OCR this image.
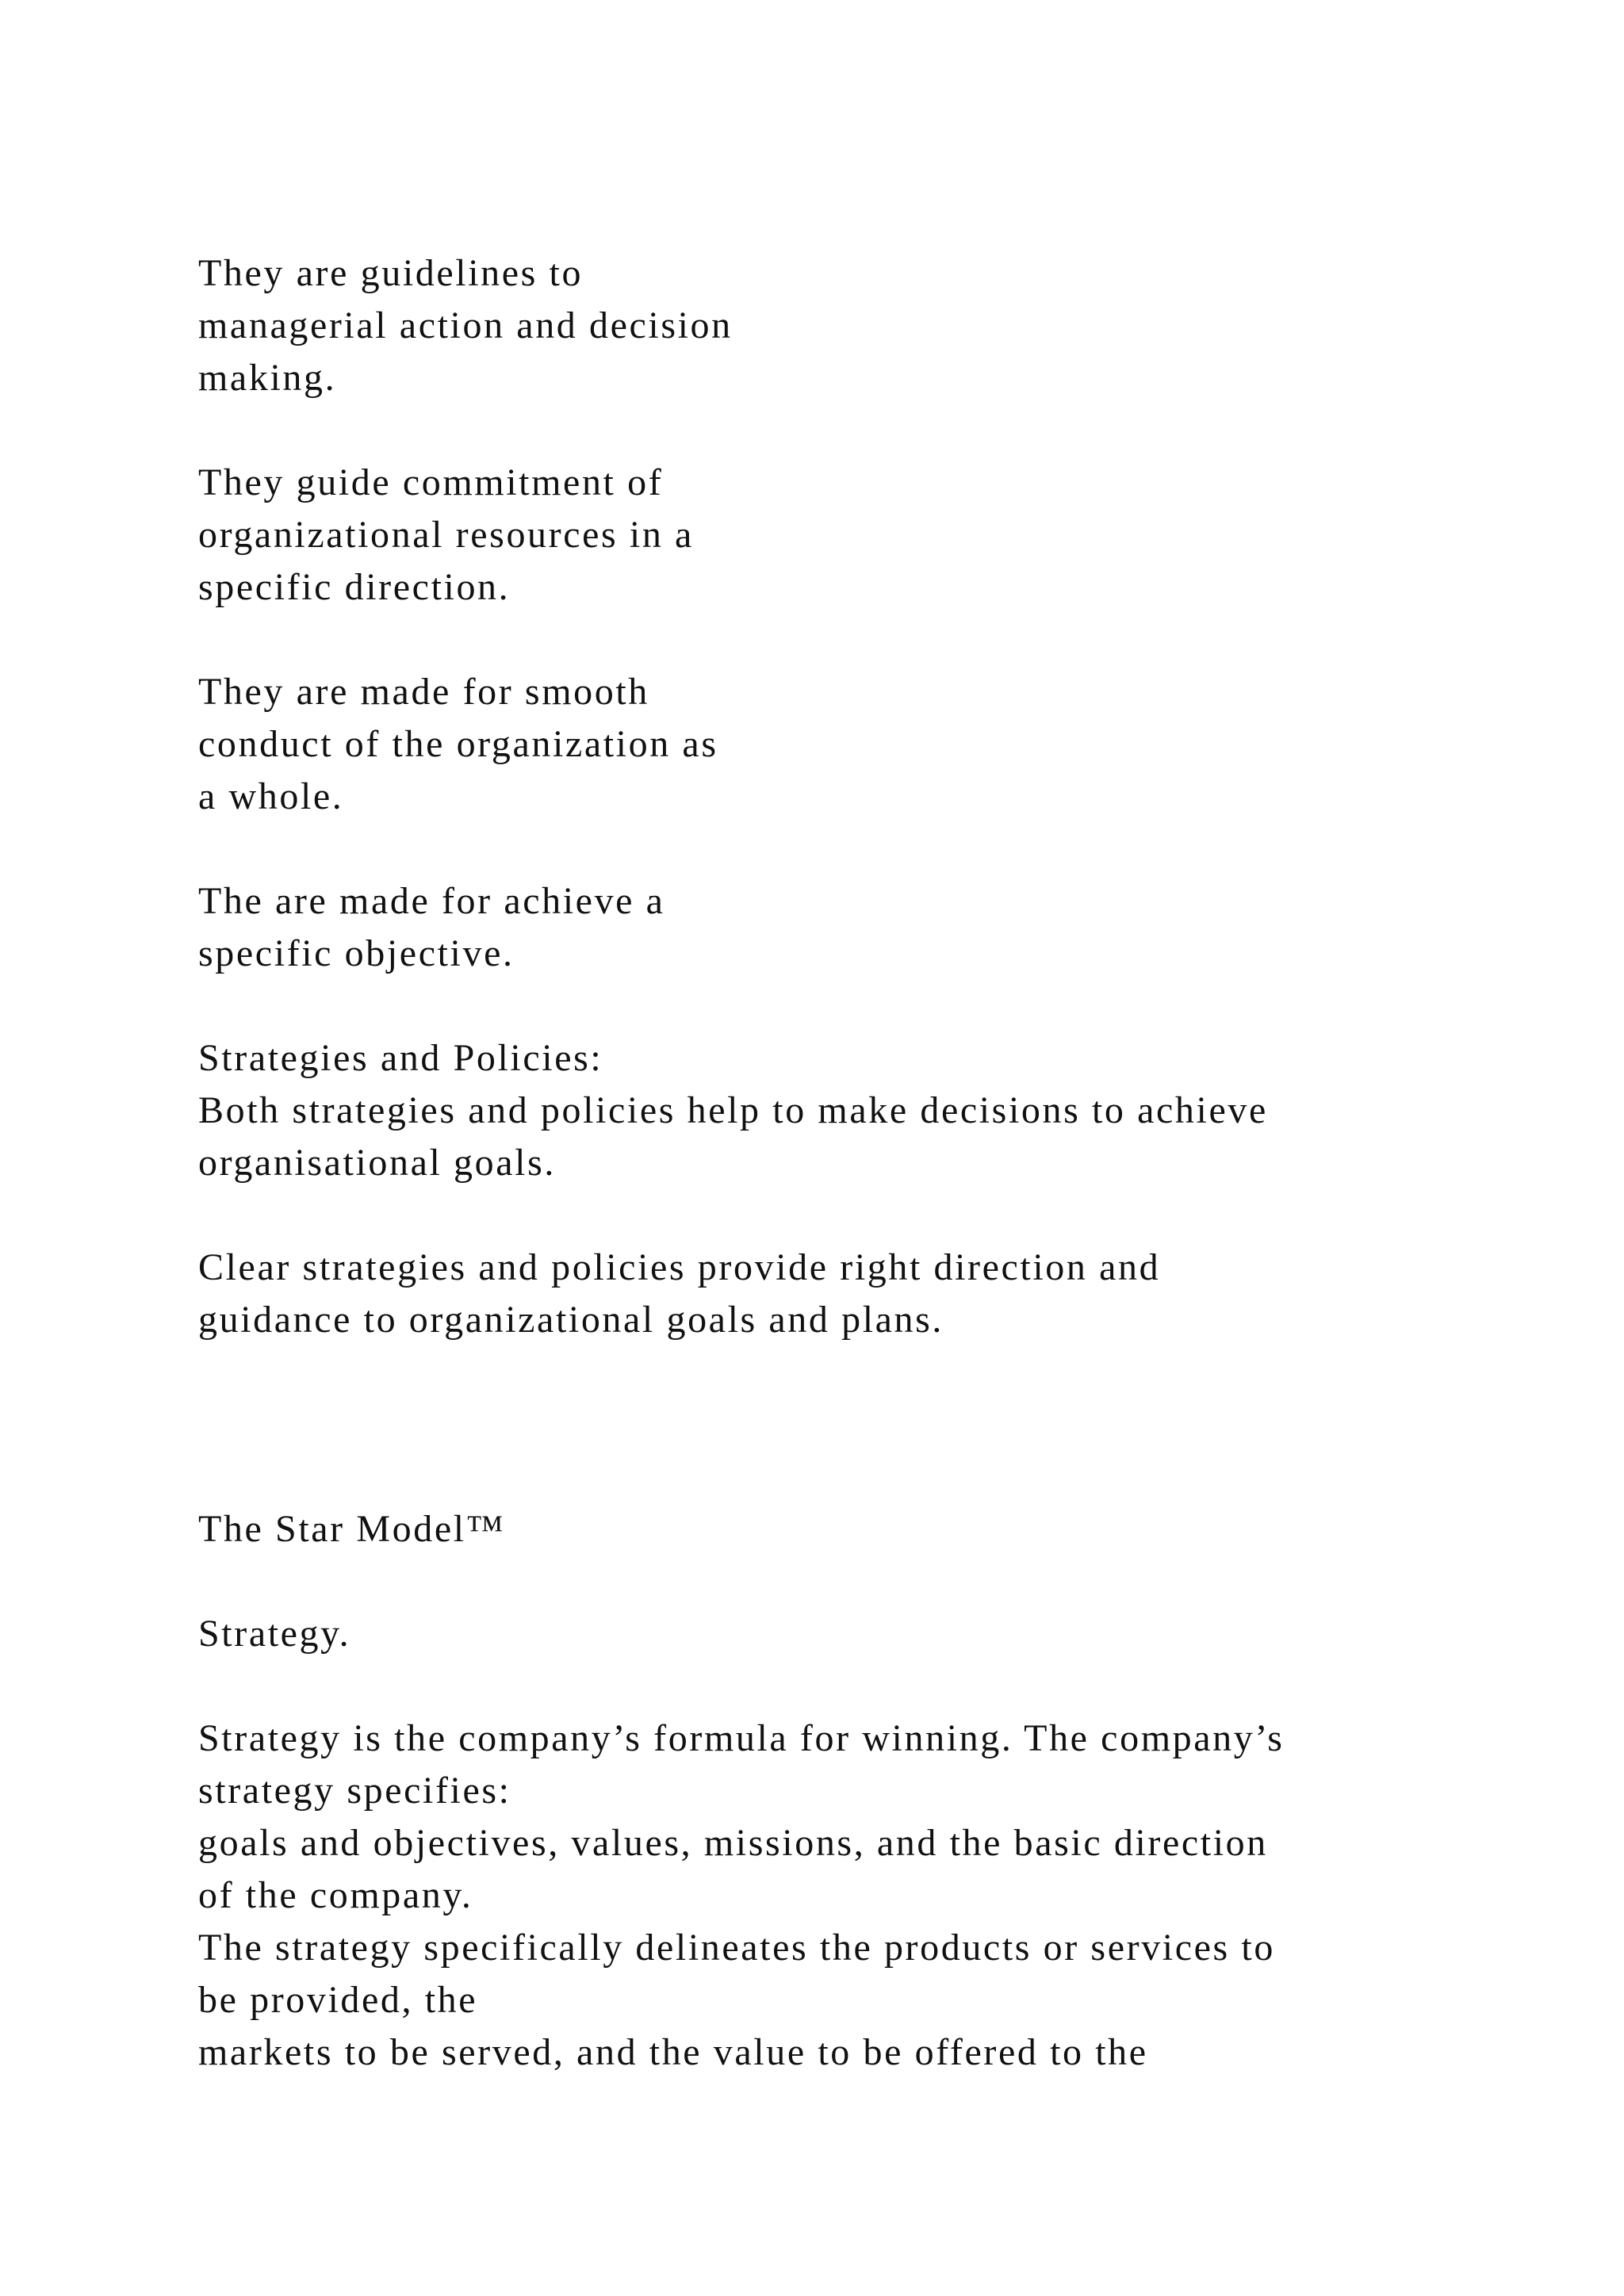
They are guidelines to
managerial action and decision
making.
They guide commitment of
organizational resources in a
specific direction.
They are made for smooth
conduct of the organization as
a whole.
The are made for achieve a
specific objective.
Strategies and Policies:
Both strategies and policies help to make decisions to achieve
organisational goals.
Clear strategies and policies provide right direction and
guidance to organizational goals and plans.
The Star Model™
Strategy.
Strategy is the company’s formula for winning. The company’s
strategy specifies:
goals and objectives, values, missions, and the basic direction
of the company.
The strategy specifically delineates the products or services to
be provided, the
markets to be served, and the value to be offered to the
